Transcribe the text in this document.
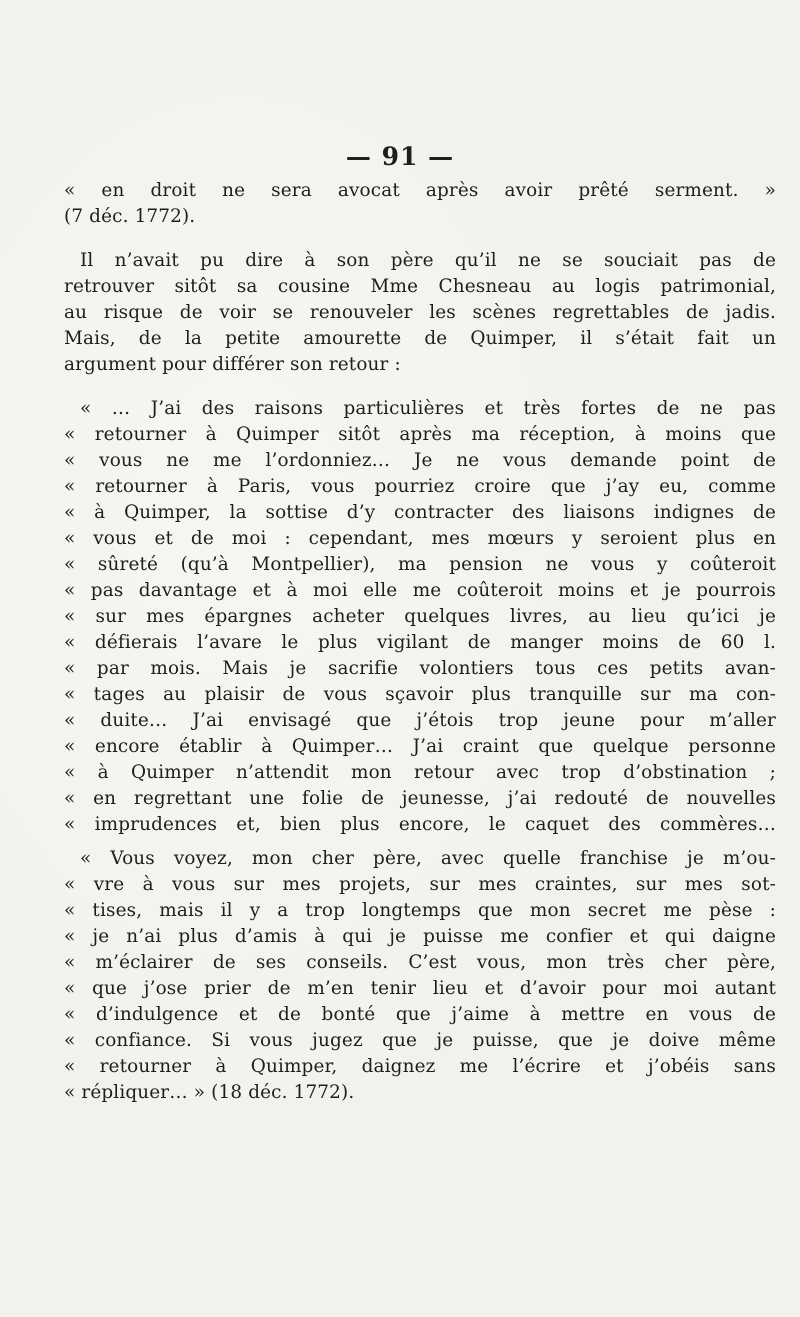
— 91 —
« en droit ne sera avocat après avoir prêté serment. »
(7 déc. 1772).
Il n’avait pu dire à son père qu’il ne se souciait pas de
retrouver sitôt sa cousine Mme Chesneau au logis patrimonial,
au risque de voir se renouveler les scènes regrettables de jadis.
Mais, de la petite amourette de Quimper, il s’était fait un
argument pour différer son retour :
« … J’ai des raisons particulières et très fortes de ne pas
« retourner à Quimper sitôt après ma réception, à moins que
« vous ne me l’ordonniez… Je ne vous demande point de
« retourner à Paris, vous pourriez croire que j’ay eu, comme
« à Quimper, la sottise d’y contracter des liaisons indignes de
« vous et de moi : cependant, mes mœurs y seroient plus en
« sûreté (qu’à Montpellier), ma pension ne vous y coûteroit
« pas davantage et à moi elle me coûteroit moins et je pourrois
« sur mes épargnes acheter quelques livres, au lieu qu’ici je
« défierais l’avare le plus vigilant de manger moins de 60 l.
« par mois. Mais je sacrifie volontiers tous ces petits avan-
« tages au plaisir de vous sçavoir plus tranquille sur ma con-
« duite… J’ai envisagé que j’étois trop jeune pour m’aller
« encore établir à Quimper… J’ai craint que quelque personne
« à Quimper n’attendit mon retour avec trop d’obstination ;
« en regrettant une folie de jeunesse, j’ai redouté de nouvelles
« imprudences et, bien plus encore, le caquet des commères…
« Vous voyez, mon cher père, avec quelle franchise je m’ou-
« vre à vous sur mes projets, sur mes craintes, sur mes sot-
« tises, mais il y a trop longtemps que mon secret me pèse :
« je n’ai plus d’amis à qui je puisse me confier et qui daigne
« m’éclairer de ses conseils. C’est vous, mon très cher père,
« que j’ose prier de m’en tenir lieu et d’avoir pour moi autant
« d’indulgence et de bonté que j’aime à mettre en vous de
« confiance. Si vous jugez que je puisse, que je doive même
« retourner à Quimper, daignez me l’écrire et j’obéis sans
« répliquer… » (18 déc. 1772).
